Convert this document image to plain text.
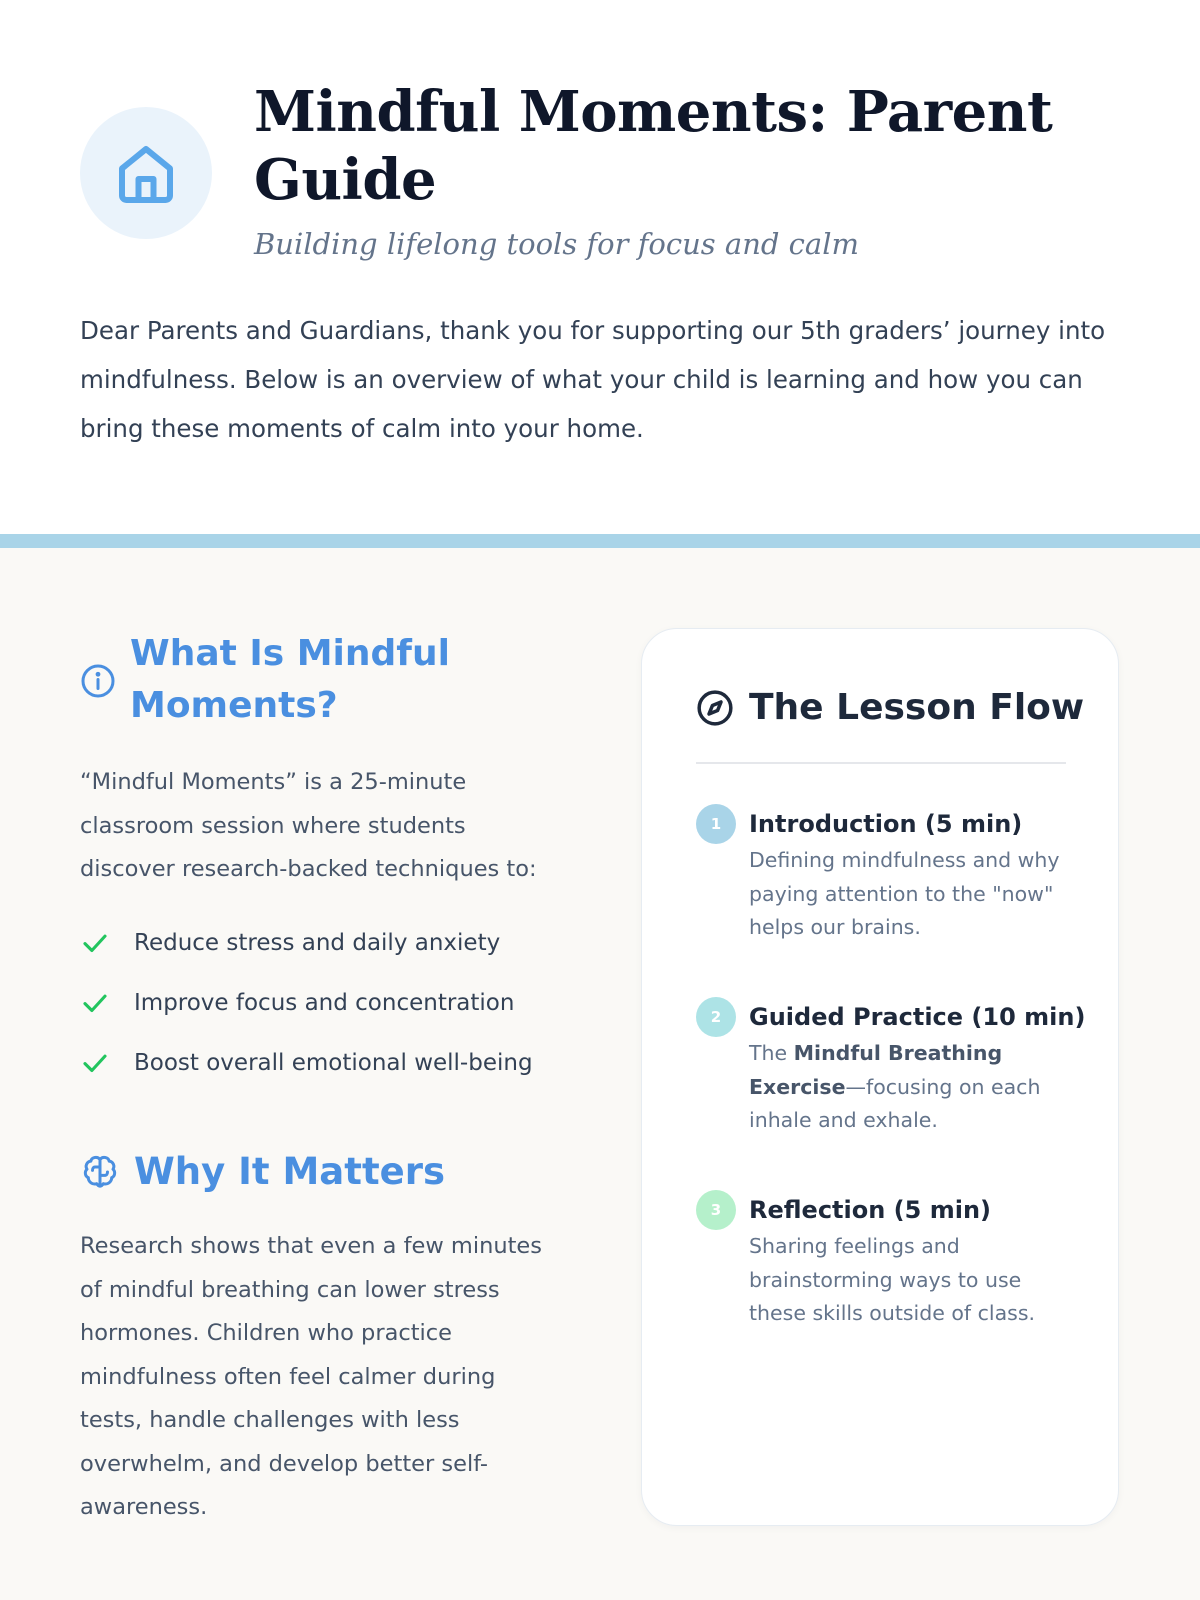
Mindful Moments: Parent Guide

Building lifelong tools for focus and calm

Dear Parents and Guardians, thank you for supporting our 5th graders’ journey into mindfulness. Below is an overview of what your child is learning and how you can bring these moments of calm into your home.

What Is Mindful Moments?

“Mindful Moments” is a 25-minute classroom session where students discover research-backed techniques to:

Reduce stress and daily anxiety
Improve focus and concentration
Boost overall emotional well-being
Why It Matters

Research shows that even a few minutes of mindful breathing can lower stress hormones. Children who practice mindfulness often feel calmer during tests, handle challenges with less overwhelm, and develop better self-awareness.

The Lesson Flow
1	Introduction (5 min)

Defining mindfulness and why paying attention to the "now" helps our brains.

2	Guided Practice (10 min)

The Mindful Breathing Exercise—focusing on each inhale and exhale.

3	Reflection (5 min)

Sharing feelings and brainstorming ways to use these skills outside of class.
